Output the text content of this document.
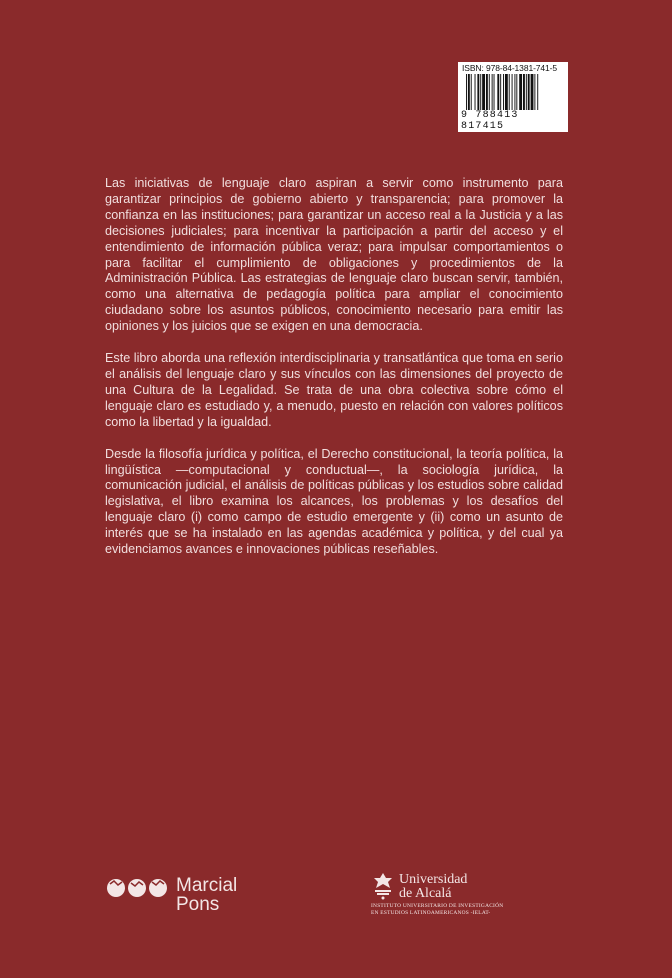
ISBN: 978-84-1381-741-5
9 788413 817415

Las iniciativas de lenguaje claro aspiran a servir como instrumento para garantizar principios de gobierno abierto y transparencia; para promover la confianza en las instituciones; para garantizar un acceso real a la Justicia y a las decisiones judiciales; para incentivar la participación a partir del acceso y el entendimiento de información pública veraz; para impulsar comportamientos o para facilitar el cumplimiento de obligaciones y procedimientos de la Administración Pública. Las estrategias de lenguaje claro buscan servir, también, como una alternativa de pedagogía política para ampliar el conocimiento ciudadano sobre los asuntos públicos, conocimiento necesario para emitir las opiniones y los juicios que se exigen en una democracia.

Este libro aborda una reflexión interdisciplinaria y transatlántica que toma en serio el análisis del lenguaje claro y sus vínculos con las dimensiones del proyecto de una Cultura de la Legalidad. Se trata de una obra colectiva sobre cómo el lenguaje claro es estudiado y, a menudo, puesto en relación con valores políticos como la libertad y la igualdad.

Desde la filosofía jurídica y política, el Derecho constitucional, la teoría política, la lingüística —computacional y conductual—, la sociología jurídica, la comunicación judicial, el análisis de políticas públicas y los estudios sobre calidad legislativa, el libro examina los alcances, los problemas y los desafíos del lenguaje claro (i) como campo de estudio emergente y (ii) como un asunto de interés que se ha instalado en las agendas académica y política, y del cual ya evidenciamos avances e innovaciones públicas reseñables.

Marcial
Pons
Universidad
de Alcalá
INSTITUTO UNIVERSITARIO DE INVESTIGACIÓN
EN ESTUDIOS LATINOAMERICANOS -IELAT-
